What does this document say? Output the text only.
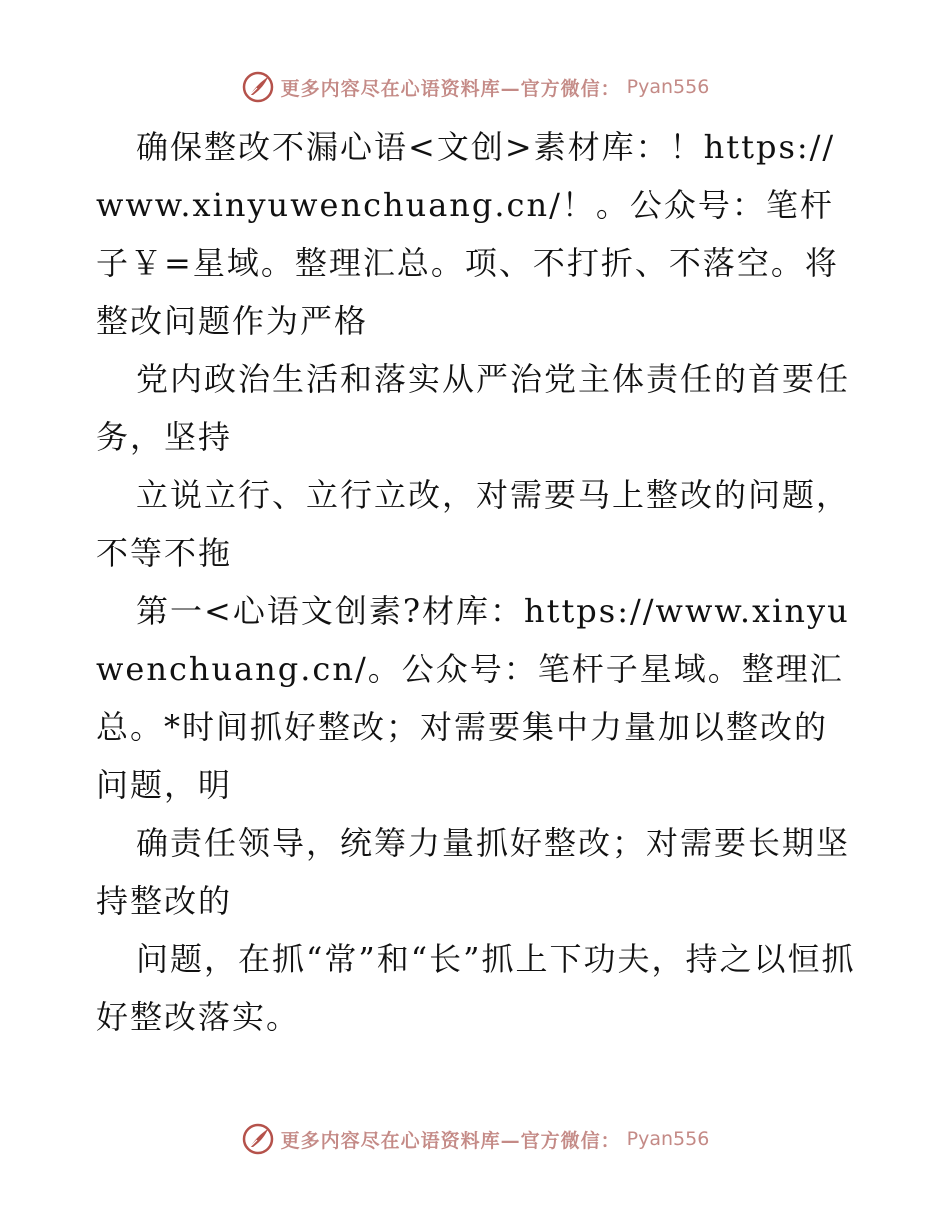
更多内容尽在心语资料库—官方微信： Pyan556

确保整改不漏心语<文创>素材库：！https://www.xinyuwenchuang.cn/！。公众号：笔杆子￥=星域。整理汇总。项、不打折、不落空。将整改问题作为严格

党内政治生活和落实从严治党主体责任的首要任务，坚持

立说立行、立行立改，对需要马上整改的问题，不等不拖

第一<心语文创素?材库：https://www.xinyuwenchuang.cn/。公众号：笔杆子星域。整理汇总。*时间抓好整改；对需要集中力量加以整改的问题，明

确责任领导，统筹力量抓好整改；对需要长期坚持整改的

问题，在抓“常”和“长”抓上下功夫，持之以恒抓好整改落实。

更多内容尽在心语资料库—官方微信： Pyan556
